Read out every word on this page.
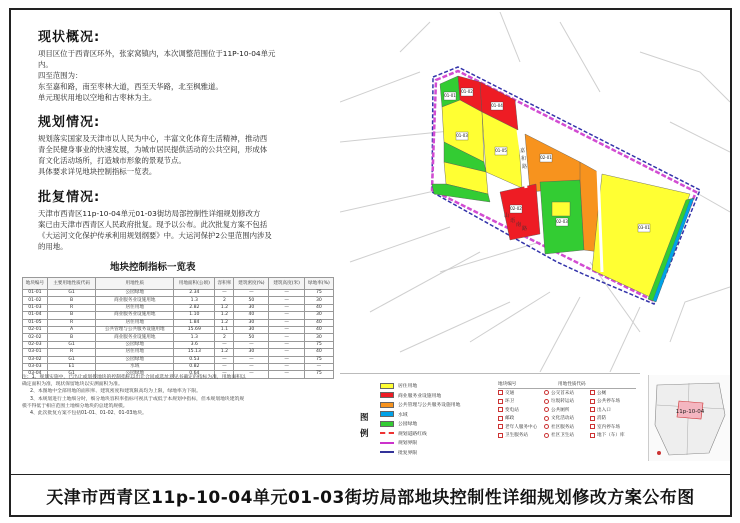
现状概况:
项目区位于西青区环外，张家窝镇内，本次调整范围位于11P-10-04单元
内。
四至范围为：
东至嘉和路，南至枣林大道，西至天华路，北至枫雅道。
单元现状用地以空地和古枣林为主。
规划情况:
规划落实国家及天津市以人民为中心，丰富文化体育生活精神，推动西
青全民健身事业的快速发展，为城市居民提供活动的公共空间，形成体
育文化活动场所，打造城市形象的景观节点。
具体要求详见地块控制指标一览表。
批复情况:
天津市西青区11p-10-04单元01-03街坊局部控制性详细规划修改方
案已由天津市西青区人民政府批复。现予以公布。此次批复方案不包括
《大运河文化保护传承利用规划纲要》中。大运河保护2公里范围内涉及
的用地。
地块控制指标一览表
地块编号	主要用地性质代码	用地性质	用地面积(公顷)	容积率	建筑密度(%)	建筑高度(米)	绿地率(%)
01-01	G1	公园绿地	2.34	—	—	—	75
01-02	B	商业服务业设施用地	1.3	2	50	—	30
01-03	R	居住用地	2.82	1.2	30	—	40
01-04	B	商业服务业设施用地	1.10	1.2	40	—	30
01-05	R	居住用地	1.84	1.2	30	—	40
02-01	A	公共管理与公共服务设施用地	15.69	1.1	30	—	40
02-02	B	商业服务业设施用地	1.3	2	50	—	30
02-03	G1	公园绿地	3.6	—	—	—	75
03-01	R	居住用地	15.13	1.2	30	—	40
03-02	G1	公园绿地	0.53	—	—	—	75
03-03	E1	水域	0.82	—	—	—	—
03-04	G1	公园绿地	0.64	—	—	—	75
注：1、规划实施中，已出让或划拨地块的控制指标以出让合同或选址意见书确定的指标为准，用地面积以
确定面积为准，现状保留地块以实测面积为准。
2、本图地中全部用地的面积率、建筑密度和建筑限高均为上限，绿地率为下限。
3、本规划进行土地细分时，细分地块容积率指标可视具于或低于本规划中指标，但本规划地块建筑规
模不得低于相应范围土地细分地块的总建筑规模。
4、此次批复方案不包括01-01、01-02、01-03地块。
01-02
01-01
01-03
01-04
01-05
02-01
02-02
02-03
03-01
嘉
和
路
山
语
南
路
图例
居住用地
商业服务业设施用地
公共管理与公共服务设施用地
水域
公园绿地
规划道路红线
规划界限
批复界限
地块编号	用地性质代码
交通	公交首末站	公厕
环卫	垃圾转运站	公共停车场
变电站	公共厕所	出入口
邮政	文化活动站	消防
老年人服务中心	社区服务站	室内停车场
卫生服务站	社区卫生站	地下（车）库
11p-10-04
天津市西青区11p-10-04单元01-03街坊局部地块控制性详细规划修改方案公布图
